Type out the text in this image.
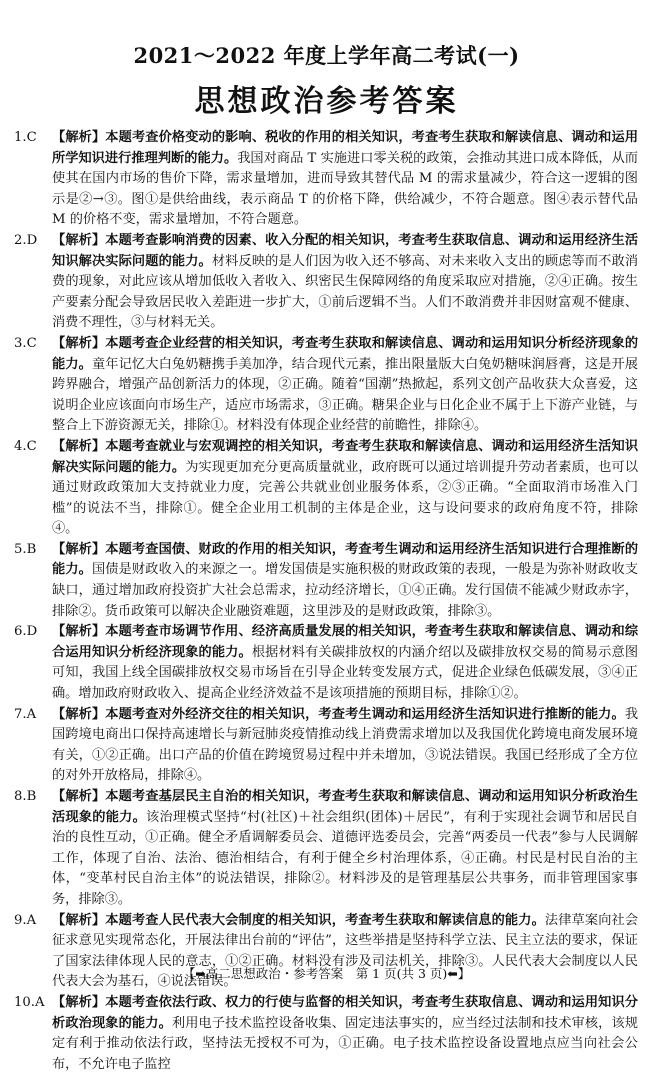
2021～2022 年度上学年高二考试(一)
思想政治参考答案
1.C	【解析】本题考查价格变动的影响、税收的作用的相关知识，考查考生获取和解读信息、调动和运用所学知识进行推理判断的能力。我国对商品 T 实施进口零关税的政策，会推动其进口成本降低，从而使其在国内市场的售价下降，需求量增加，进而导致其替代品 M 的需求量减少，符合这一逻辑的图示是②→③。图①是供给曲线，表示商品 T 的价格下降，供给减少，不符合题意。图④表示替代品 M 的价格不变，需求量增加，不符合题意。
2.D	【解析】本题考查影响消费的因素、收入分配的相关知识，考查考生获取信息、调动和运用经济生活知识解决实际问题的能力。材料反映的是人们因为收入还不够高、对未来收入支出的顾虑等而不敢消费的现象，对此应该从增加低收入者收入、织密民生保障网络的角度采取应对措施，②④正确。按生产要素分配会导致居民收入差距进一步扩大，①前后逻辑不当。人们不敢消费并非因财富观不健康、消费不理性，③与材料无关。
3.C	【解析】本题考查企业经营的相关知识，考查考生获取和解读信息、调动和运用知识分析经济现象的能力。童年记忆大白兔奶糖携手美加净，结合现代元素，推出限量版大白兔奶糖味润唇膏，这是开展跨界融合，增强产品创新活力的体现，②正确。随着“国潮”热掀起，系列文创产品收获大众喜爱，这说明企业应该面向市场生产，适应市场需求，③正确。糖果企业与日化企业不属于上下游产业链，与整合上下游资源无关，排除①。材料没有体现企业经营的前瞻性，排除④。
4.C	【解析】本题考查就业与宏观调控的相关知识，考查考生获取和解读信息、调动和运用经济生活知识解决实际问题的能力。为实现更加充分更高质量就业，政府既可以通过培训提升劳动者素质，也可以通过财政政策加大支持就业力度，完善公共就业创业服务体系，②③正确。“全面取消市场准入门槛”的说法不当，排除①。健全企业用工机制的主体是企业，这与设问要求的政府角度不符，排除④。
5.B	【解析】本题考查国债、财政的作用的相关知识，考查考生调动和运用经济生活知识进行合理推断的能力。国债是财政收入的来源之一。增发国债是实施积极的财政政策的表现，一般是为弥补财政收支缺口，通过增加政府投资扩大社会总需求，拉动经济增长，①④正确。发行国债不能减少财政赤字，排除②。货币政策可以解决企业融资难题，这里涉及的是财政政策，排除③。
6.D	【解析】本题考查市场调节作用、经济高质量发展的相关知识，考查考生获取和解读信息、调动和综合运用知识分析经济现象的能力。根据材料有关碳排放权的内涵介绍以及碳排放权交易的简易示意图可知，我国上线全国碳排放权交易市场旨在引导企业转变发展方式，促进企业绿色低碳发展，③④正确。增加政府财政收入、提高企业经济效益不是该项措施的预期目标，排除①②。
7.A	【解析】本题考查对外经济交往的相关知识，考查考生调动和运用经济生活知识进行推断的能力。我国跨境电商出口保持高速增长与新冠肺炎疫情推动线上消费需求增加以及我国优化跨境电商发展环境有关，①②正确。出口产品的价值在跨境贸易过程中并未增加，③说法错误。我国已经形成了全方位的对外开放格局，排除④。
8.B	【解析】本题考查基层民主自治的相关知识，考查考生获取和解读信息、调动和运用知识分析政治生活现象的能力。该治理模式坚持“村(社区)＋社会组织(团体)＋居民”，有利于实现社会调节和居民自治的良性互动，①正确。健全矛盾调解委员会、道德评选委员会，完善“两委员一代表”参与人民调解工作，体现了自治、法治、德治相结合，有利于健全乡村治理体系，④正确。村民是村民自治的主体，“变革村民自治主体”的说法错误，排除②。材料涉及的是管理基层公共事务，而非管理国家事务，排除③。
9.A	【解析】本题考查人民代表大会制度的相关知识，考查考生获取和解读信息的能力。法律草案向社会征求意见实现常态化，开展法律出台前的“评估”，这些举措是坚持科学立法、民主立法的要求，保证了国家法律体现人民的意志，①②正确。材料没有涉及司法机关，排除③。人民代表大会制度以人民代表大会为基石，④说法错误。
10.A 【解析】本题考查依法行政、权力的行使与监督的相关知识，考查考生获取信息、调动和运用知识分析政治现象的能力。利用电子技术监控设备收集、固定违法事实的，应当经过法制和技术审核，该规定有利于推动依法行政，坚持法无授权不可为，①正确。电子技术监控设备设置地点应当向社会公布，不允许电子监控
【➡高二思想政治・参考答案　第 1 页(共 3 页)⬅】
